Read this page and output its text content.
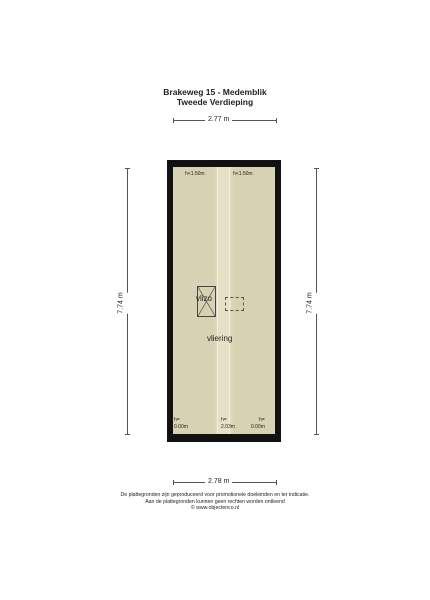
Brakeweg 15 - Medemblik
Tweede Verdieping
2.77 m
2.78 m
7.74 m	7.74 m
h<1.50m	h<1.50m
vlizo
vliering
h=
0.00m
h=
2.03m
h=
0.00m
De plattegronden zijn geproduceerd voor promotionele doeleinden en ter indicatie.
Aan de plattegronden kunnen geen rechten worden ontleend
© www.objectenco.nl
